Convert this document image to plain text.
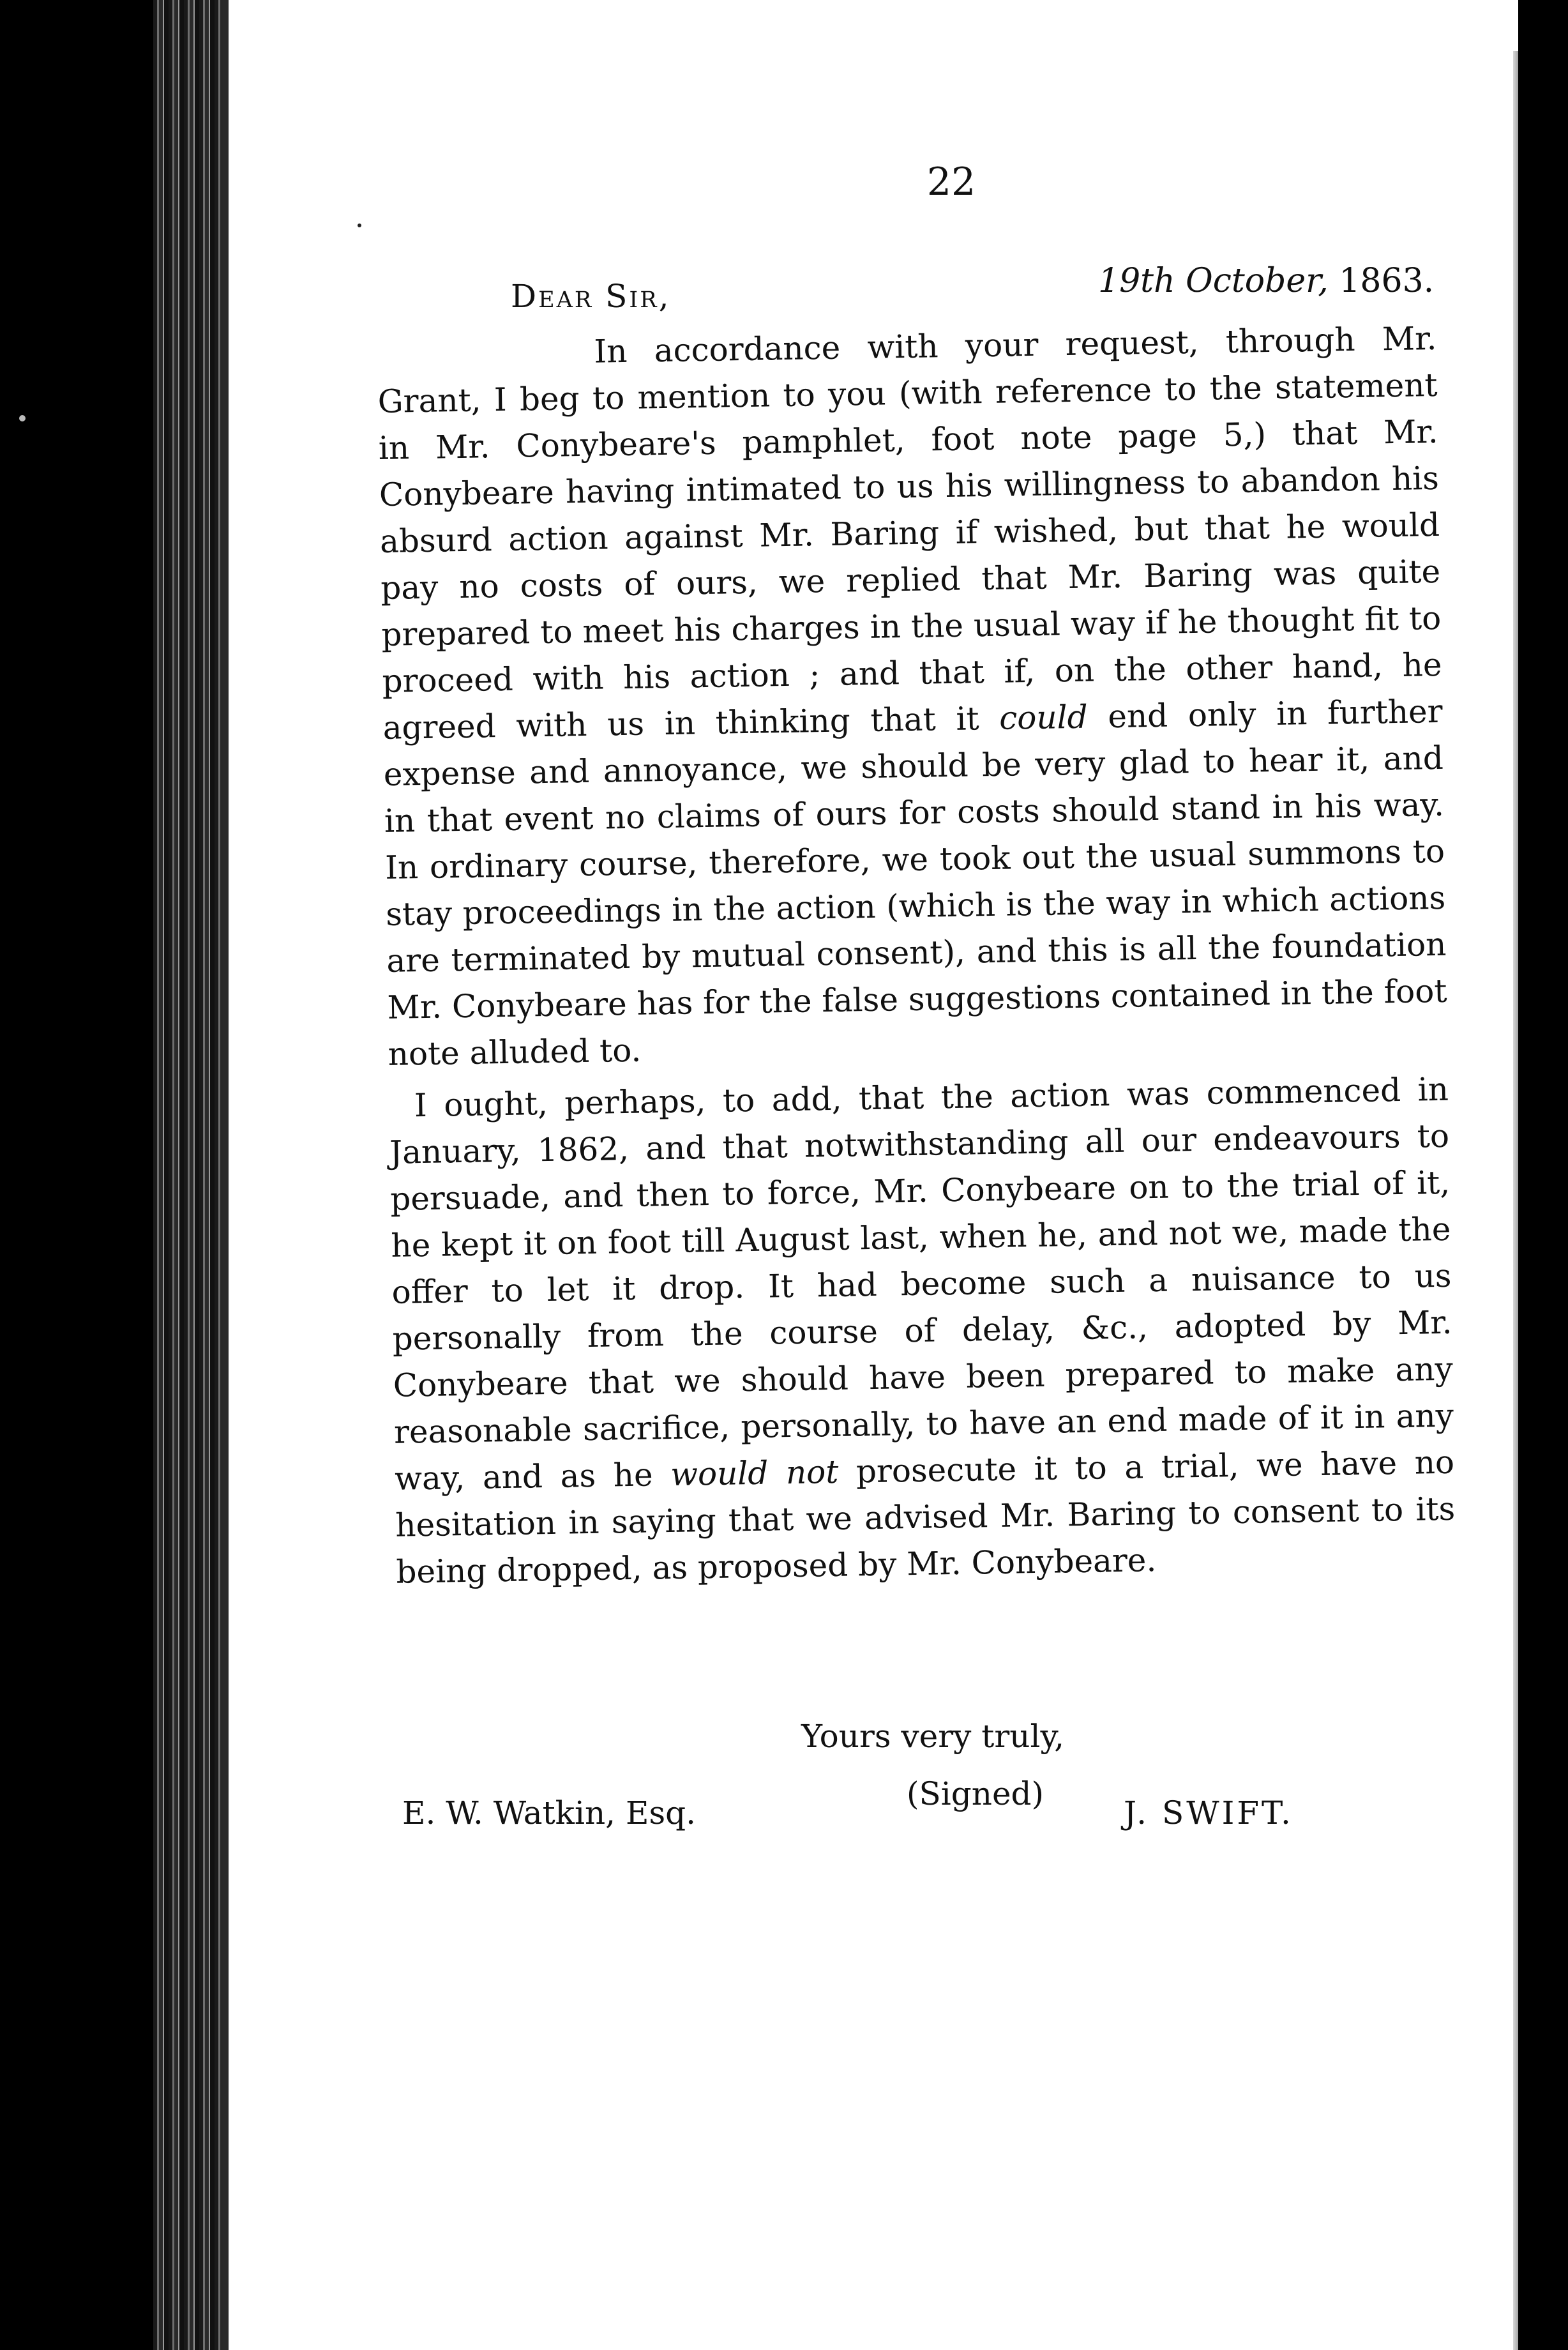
22
Dear Sir,	19th October, 1863.

In accordance with your request, through Mr. Grant, I beg to mention to you (with reference to the statement in Mr. Conybeare's pamphlet, foot note page 5,) that Mr. Conybeare having intimated to us his willingness to abandon his absurd action against Mr. Baring if wished, but that he would pay no costs of ours, we replied that Mr. Baring was quite prepared to meet his charges in the usual way if he thought fit to proceed with his action ; and that if, on the other hand, he agreed with us in thinking that it could end only in further expense and annoyance, we should be very glad to hear it, and in that event no claims of ours for costs should stand in his way. In ordinary course, therefore, we took out the usual summons to stay proceedings in the action (which is the way in which actions are terminated by mutual consent), and this is all the foundation Mr. Conybeare has for the false suggestions contained in the foot note alluded to.

I ought, perhaps, to add, that the action was commenced in January, 1862, and that notwithstanding all our endeavours to persuade, and then to force, Mr. Conybeare on to the trial of it, he kept it on foot till August last, when he, and not we, made the offer to let it drop. It had become such a nuisance to us personally from the course of delay, &c., adopted by Mr. Conybeare that we should have been prepared to make any reasonable sacrifice, personally, to have an end made of it in any way, and as he would not prosecute it to a trial, we have no hesitation in saying that we advised Mr. Baring to consent to its being dropped, as proposed by Mr. Conybeare.

Yours very truly,
(Signed)
J. SWIFT.
E. W. Watkin, Esq.
